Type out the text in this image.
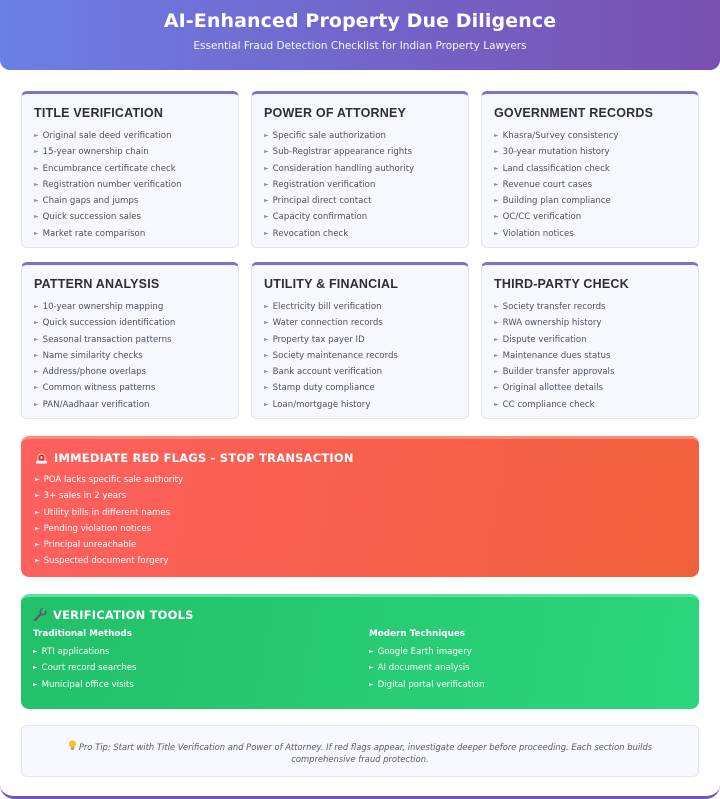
AI-Enhanced Property Due Diligence

Essential Fraud Detection Checklist for Indian Property Lawyers

TITLE VERIFICATION
► Original sale deed verification
► 15-year ownership chain
► Encumbrance certificate check
► Registration number verification
► Chain gaps and jumps
► Quick succession sales
► Market rate comparison
POWER OF ATTORNEY
► Specific sale authorization
► Sub-Registrar appearance rights
► Consideration handling authority
► Registration verification
► Principal direct contact
► Capacity confirmation
► Revocation check
GOVERNMENT RECORDS
► Khasra/Survey consistency
► 30-year mutation history
► Land classification check
► Revenue court cases
► Building plan compliance
► OC/CC verification
► Violation notices
PATTERN ANALYSIS
► 10-year ownership mapping
► Quick succession identification
► Seasonal transaction patterns
► Name similarity checks
► Address/phone overlaps
► Common witness patterns
► PAN/Aadhaar verification
UTILITY & FINANCIAL
► Electricity bill verification
► Water connection records
► Property tax payer ID
► Society maintenance records
► Bank account verification
► Stamp duty compliance
► Loan/mortgage history
THIRD-PARTY CHECK
► Society transfer records
► RWA ownership history
► Dispute verification
► Maintenance dues status
► Builder transfer approvals
► Original allottee details
► CC compliance check
IMMEDIATE RED FLAGS - STOP TRANSACTION
► POA lacks specific sale authority
► 3+ sales in 2 years
► Utility bills in different names
► Pending violation notices
► Principal unreachable
► Suspected document forgery
VERIFICATION TOOLS
Traditional Methods
► RTI applications
► Court record searches
► Municipal office visits
Modern Techniques
► Google Earth imagery
► AI document analysis
► Digital portal verification
Pro Tip: Start with Title Verification and Power of Attorney. If red flags appear, investigate deeper before proceeding. Each section builds comprehensive fraud protection.
